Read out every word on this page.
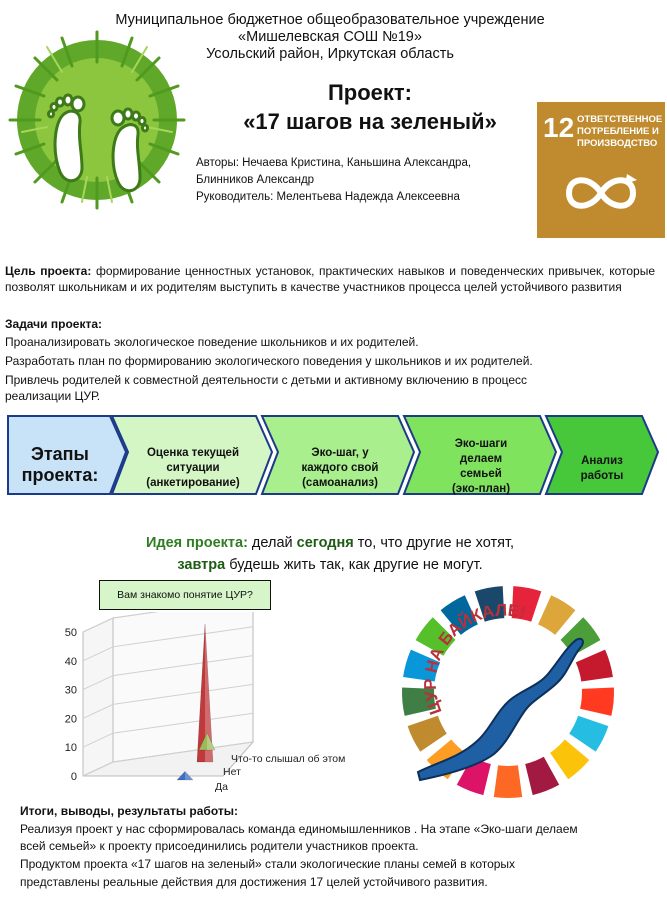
Муниципальное бюджетное общеобразовательное учреждение
«Мишелевская СОШ №19»
Усольский район, Иркутская область
Проект:
«17 шагов на зеленый»
Авторы: Нечаева Кристина, Каньшина Александра,
Блинников Александр
Руководитель: Мелентьева Надежда Алексеевна
12 ОТВЕТСТВЕННОЕ ПОТРЕБЛЕНИЕ И ПРОИЗВОДСТВО
Цель проекта: формирование ценностных установок, практических навыков и поведенческих привычек, которые позволят школьникам и их родителям выступить в качестве участников процесса целей устойчивого развития
Задачи проекта:
Проанализировать экологическое поведение школьников и их родителей.
Разработать план по формированию экологического поведения у школьников и их родителей.
Привлечь родителей к совместной деятельности с детьми и активному включению в процесс
реализации ЦУР.
Этапы
проекта:
Оценка текущей
ситуации
(анкетирование)
Эко-шаг, у
каждого свой
(самоанализ)
Эко-шаги
делаем
семьей
(эко-план)
Анализ
работы
Идея проекта: делай сегодня то, что другие не хотят,
завтра будешь жить так, как другие не могут.
Вам знакомо понятие ЦУР?
0
10
20
30
40
50
Да
Нет
Что-то слышал об этом
ЦУР НА БАЙКАЛЕ!
Итоги, выводы, результаты работы:
Реализуя проект у нас сформировалась команда единомышленников . На этапе «Эко-шаги делаем
всей семьей» к проекту присоединились родители участников проекта.
Продуктом проекта «17 шагов на зеленый» стали экологические планы семей в которых
представлены реальные действия для достижения 17 целей устойчивого развития.
